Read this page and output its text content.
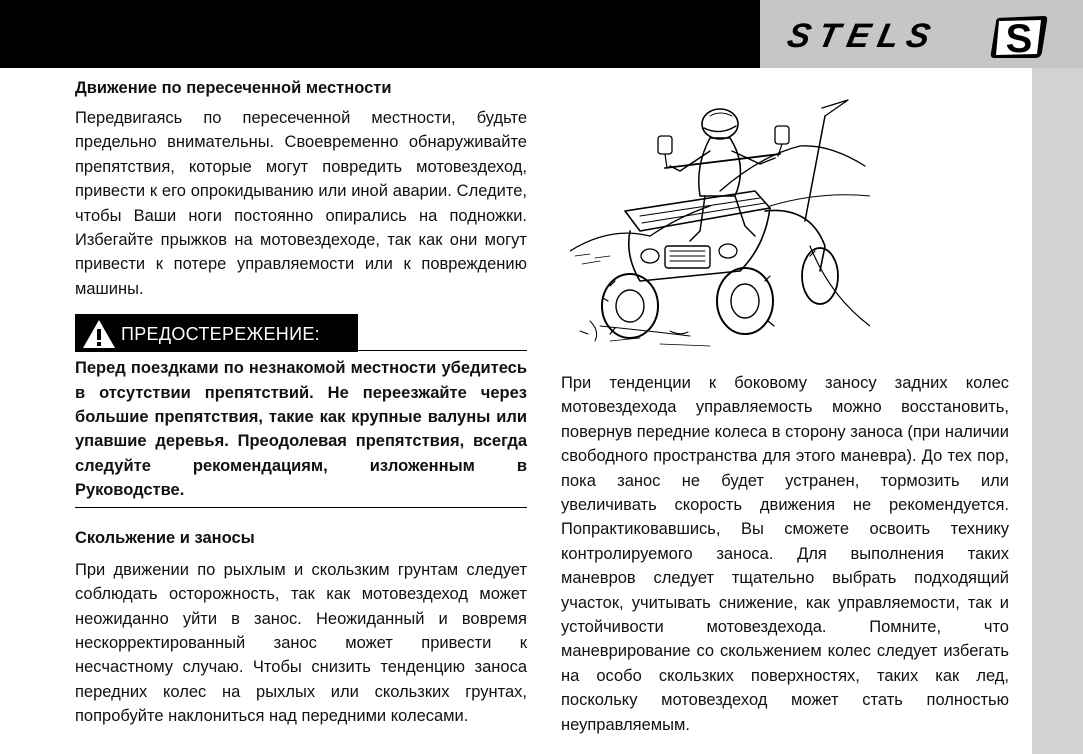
STELS	S
Движение по пересеченной местности

Передвигаясь по пересеченной местности, будьте предельно внимательны. Своевременно обнаруживайте препятствия, которые могут повредить мотовездеход, привести к его опрокидыванию или иной аварии. Следите, чтобы Ваши ноги постоянно опирались на подножки. Избегайте прыжков на мотовездеходе, так как они могут привести к потере управляемости или к повреждению машины.

ПРЕДОСТЕРЕЖЕНИЕ:

Перед поездками по незнакомой местности убедитесь в отсутствии препятствий. Не переезжайте через большие препятствия, такие как крупные валуны или упавшие деревья. Преодолевая препятствия, всегда следуйте рекомендациям, изложенным в Руководстве.

Скольжение и заносы

При движении по рыхлым и скользким грунтам следует соблюдать осторожность, так как мотовездеход может неожиданно уйти в занос. Неожиданный и вовремя нескорректированный занос может привести к несчастному случаю. Чтобы снизить тенденцию заноса передних колес на рыхлых или скользких грунтах, попробуйте наклониться над передними колесами.

При тенденции к боковому заносу задних колес мотовездехода управляемость можно восстановить, повернув передние колеса в сторону заноса (при наличии свободного пространства для этого маневра). До тех пор, пока занос не будет устранен, тормозить или увеличивать скорость движения не рекомендуется. Попрактиковавшись, Вы сможете освоить технику контролируемого заноса. Для выполнения таких маневров следует тщательно выбрать подходящий участок, учитывать снижение, как управляемости, так и устойчивости мотовездехода. Помните, что маневрирование со скольжением колес следует избегать на особо скользких поверхностях, таких как лед, поскольку мотовездеход может стать полностью неуправляемым.
